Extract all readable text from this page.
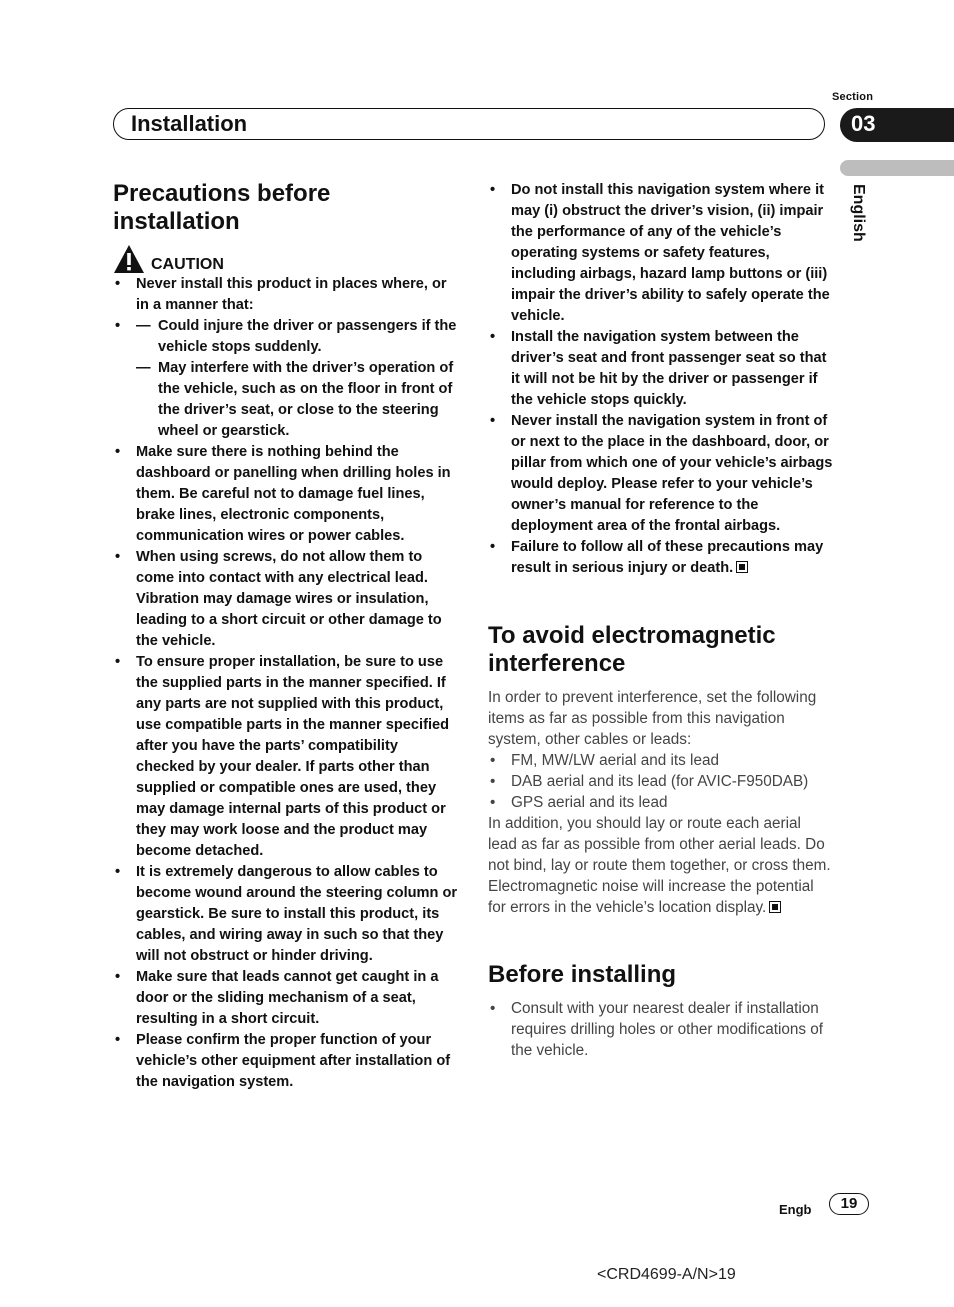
Section
Installation	03
English
Precautions before installation
CAUTION
• Never install this product in places where, or in a manner that:
— • Could injure the driver or passengers if the vehicle stops suddenly.
— May interfere with the driver’s operation of the vehicle, such as on the floor in front of the driver’s seat, or close to the steering wheel or gearstick.
• Make sure there is nothing behind the dashboard or panelling when drilling holes in them. Be careful not to damage fuel lines, brake lines, electronic components, communication wires or power cables.
• When using screws, do not allow them to come into contact with any electrical lead. Vibration may damage wires or insulation, leading to a short circuit or other damage to the vehicle.
• To ensure proper installation, be sure to use the supplied parts in the manner specified. If any parts are not supplied with this product, use compatible parts in the manner specified after you have the parts’ compatibility checked by your dealer. If parts other than supplied or compatible ones are used, they may damage internal parts of this product or they may work loose and the product may become detached.
• It is extremely dangerous to allow cables to become wound around the steering column or gearstick. Be sure to install this product, its cables, and wiring away in such so that they will not obstruct or hinder driving.
• Make sure that leads cannot get caught in a door or the sliding mechanism of a seat, resulting in a short circuit.
• Please confirm the proper function of your vehicle’s other equipment after installation of the navigation system.
• Do not install this navigation system where it may (i) obstruct the driver’s vision, (ii) impair the performance of any of the vehicle’s operating systems or safety features, including airbags, hazard lamp buttons or (iii) impair the driver’s ability to safely operate the vehicle.
• Install the navigation system between the driver’s seat and front passenger seat so that it will not be hit by the driver or passenger if the vehicle stops quickly.
• Never install the navigation system in front of or next to the place in the dashboard, door, or pillar from which one of your vehicle’s airbags would deploy. Please refer to your vehicle’s owner’s manual for reference to the deployment area of the frontal airbags.
• Failure to follow all of these precautions may result in serious injury or death.
To avoid electromagnetic interference

In order to prevent interference, set the following items as far as possible from this navigation system, other cables or leads:

• FM, MW/LW aerial and its lead
• DAB aerial and its lead (for AVIC-F950DAB)
• GPS aerial and its lead

In addition, you should lay or route each aerial lead as far as possible from other aerial leads. Do not bind, lay or route them together, or cross them. Electromagnetic noise will increase the potential for errors in the vehicle’s location display.

Before installing
• Consult with your nearest dealer if installation requires drilling holes or other modifications of the vehicle.
Engb	19
<CRD4699-A/N>19
